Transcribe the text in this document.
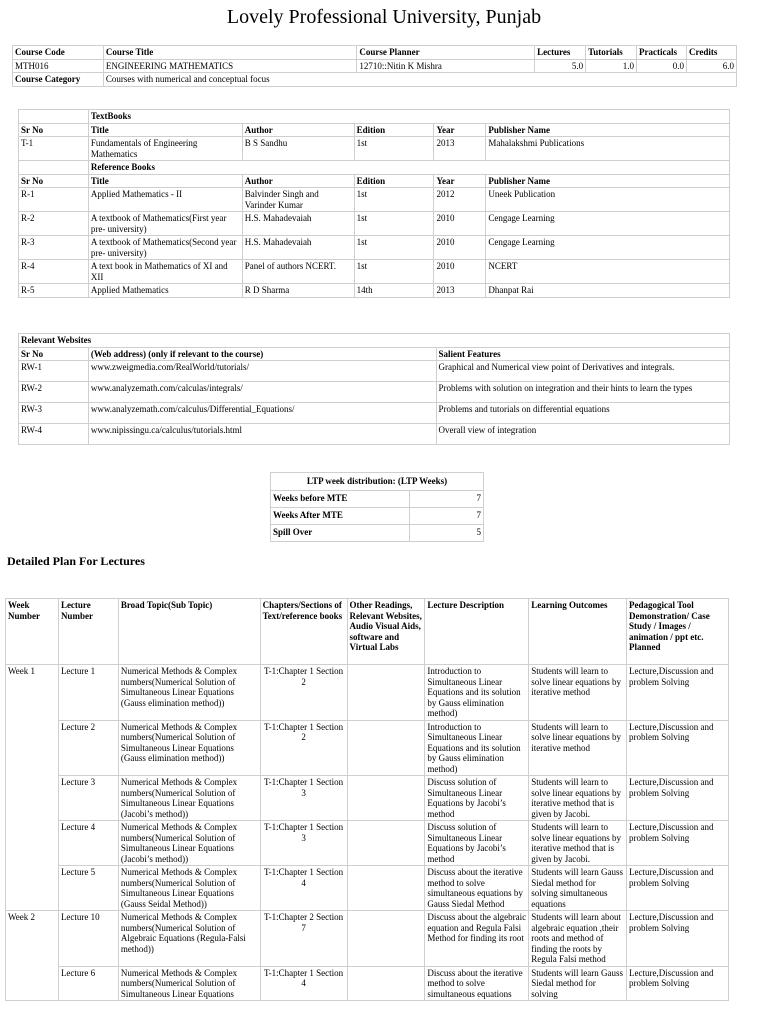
Lovely Professional University, Punjab
Course Code	Course Title	Course Planner	Lectures	Tutorials	Practicals	Credits
MTH016	ENGINEERING MATHEMATICS	12710::Nitin K Mishra	5.0	1.0	0.0	6.0
Course Category	Courses with numerical and conceptual focus					
	TextBooks				
Sr No	Title	Author	Edition	Year	Publisher Name
T-1	Fundamentals of Engineering Mathematics	B S Sandhu	1st	2013	Mahalakshmi Publications
	Reference Books				
Sr No	Title	Author	Edition	Year	Publisher Name
R-1	Applied Mathematics - II	Balvinder Singh and Varinder Kumar	1st	2012	Uneek Publication
R-2	A textbook of Mathematics(First year pre- university)	H.S. Mahadevaiah	1st	2010	Cengage Learning
R-3	A textbook of Mathematics(Second year pre- university)	H.S. Mahadevaiah	1st	2010	Cengage Learning
R-4	A text book in Mathematics of XI and XII	Panel of authors NCERT.	1st	2010	NCERT
R-5	Applied Mathematics	R D Sharma	14th	2013	Dhanpat Rai
Relevant Websites		
Sr No	(Web address) (only if relevant to the course)	Salient Features
RW-1	www.zweigmedia.com/RealWorld/tutorials/	Graphical and Numerical view point of Derivatives and integrals.
RW-2	www.analyzemath.com/calculas/integrals/	Problems with solution on integration and their hints to learn the types
RW-3	www.analyzemath.com/calculus/Differential_Equations/	Problems and tutorials on differential equations
RW-4	www.nipissingu.ca/calculus/tutorials.html	Overall view of integration
LTP week distribution: (LTP Weeks)	
Weeks before MTE	7
Weeks After MTE	7
Spill Over	5
Detailed Plan For Lectures
Week Number	Lecture Number	Broad Topic(Sub Topic)	Chapters/Sections of Text/reference books	Other Readings, Relevant Websites, Audio Visual Aids, software and Virtual Labs	Lecture Description	Learning Outcomes	Pedagogical Tool Demonstration/ Case Study / Images / animation / ppt etc. Planned
Week 1	Lecture 1	Numerical Methods & Complex numbers(Numerical Solution of Simultaneous Linear Equations (Gauss elimination method))	T-1:Chapter 1 Section 2		Introduction to Simultaneous Linear Equations and its solution by Gauss elimination method)	Students will learn to solve linear equations by iterative method	Lecture,Discussion and problem Solving
	Lecture 2	Numerical Methods & Complex numbers(Numerical Solution of Simultaneous Linear Equations (Gauss elimination method))	T-1:Chapter 1 Section 2		Introduction to Simultaneous Linear Equations and its solution by Gauss elimination method)	Students will learn to solve linear equations by iterative method	Lecture,Discussion and problem Solving
	Lecture 3	Numerical Methods & Complex numbers(Numerical Solution of Simultaneous Linear Equations (Jacobi’s method))	T-1:Chapter 1 Section 3		Discuss solution of Simultaneous Linear Equations by Jacobi’s method	Students will learn to solve linear equations by iterative method that is given by Jacobi.	Lecture,Discussion and problem Solving
	Lecture 4	Numerical Methods & Complex numbers(Numerical Solution of Simultaneous Linear Equations (Jacobi’s method))	T-1:Chapter 1 Section 3		Discuss solution of Simultaneous Linear Equations by Jacobi’s method	Students will learn to solve linear equations by iterative method that is given by Jacobi.	Lecture,Discussion and problem Solving
	Lecture 5	Numerical Methods & Complex numbers(Numerical Solution of Simultaneous Linear Equations (Gauss Seidal Method))	T-1:Chapter 1 Section 4		Discuss about the iterative method to solve simultaneous equations by Gauss Siedal Method	Students will learn Gauss Siedal method for solving simultaneous equations	Lecture,Discussion and problem Solving
Week 2	Lecture 10	Numerical Methods & Complex numbers(Numerical Solution of Algebraic Equations (Regula-Falsi method))	T-1:Chapter 2 Section 7		Discuss about the algebraic equation and Regula Falsi Method for finding its root	Students will learn about algebraic equation ,their roots and method of finding the roots by Regula Falsi method	Lecture,Discussion and problem Solving
	Lecture 6	Numerical Methods & Complex numbers(Numerical Solution of Simultaneous Linear Equations	T-1:Chapter 1 Section 4		Discuss about the iterative method to solve simultaneous equations	Students will learn Gauss Siedal method for solving	Lecture,Discussion and problem Solving
